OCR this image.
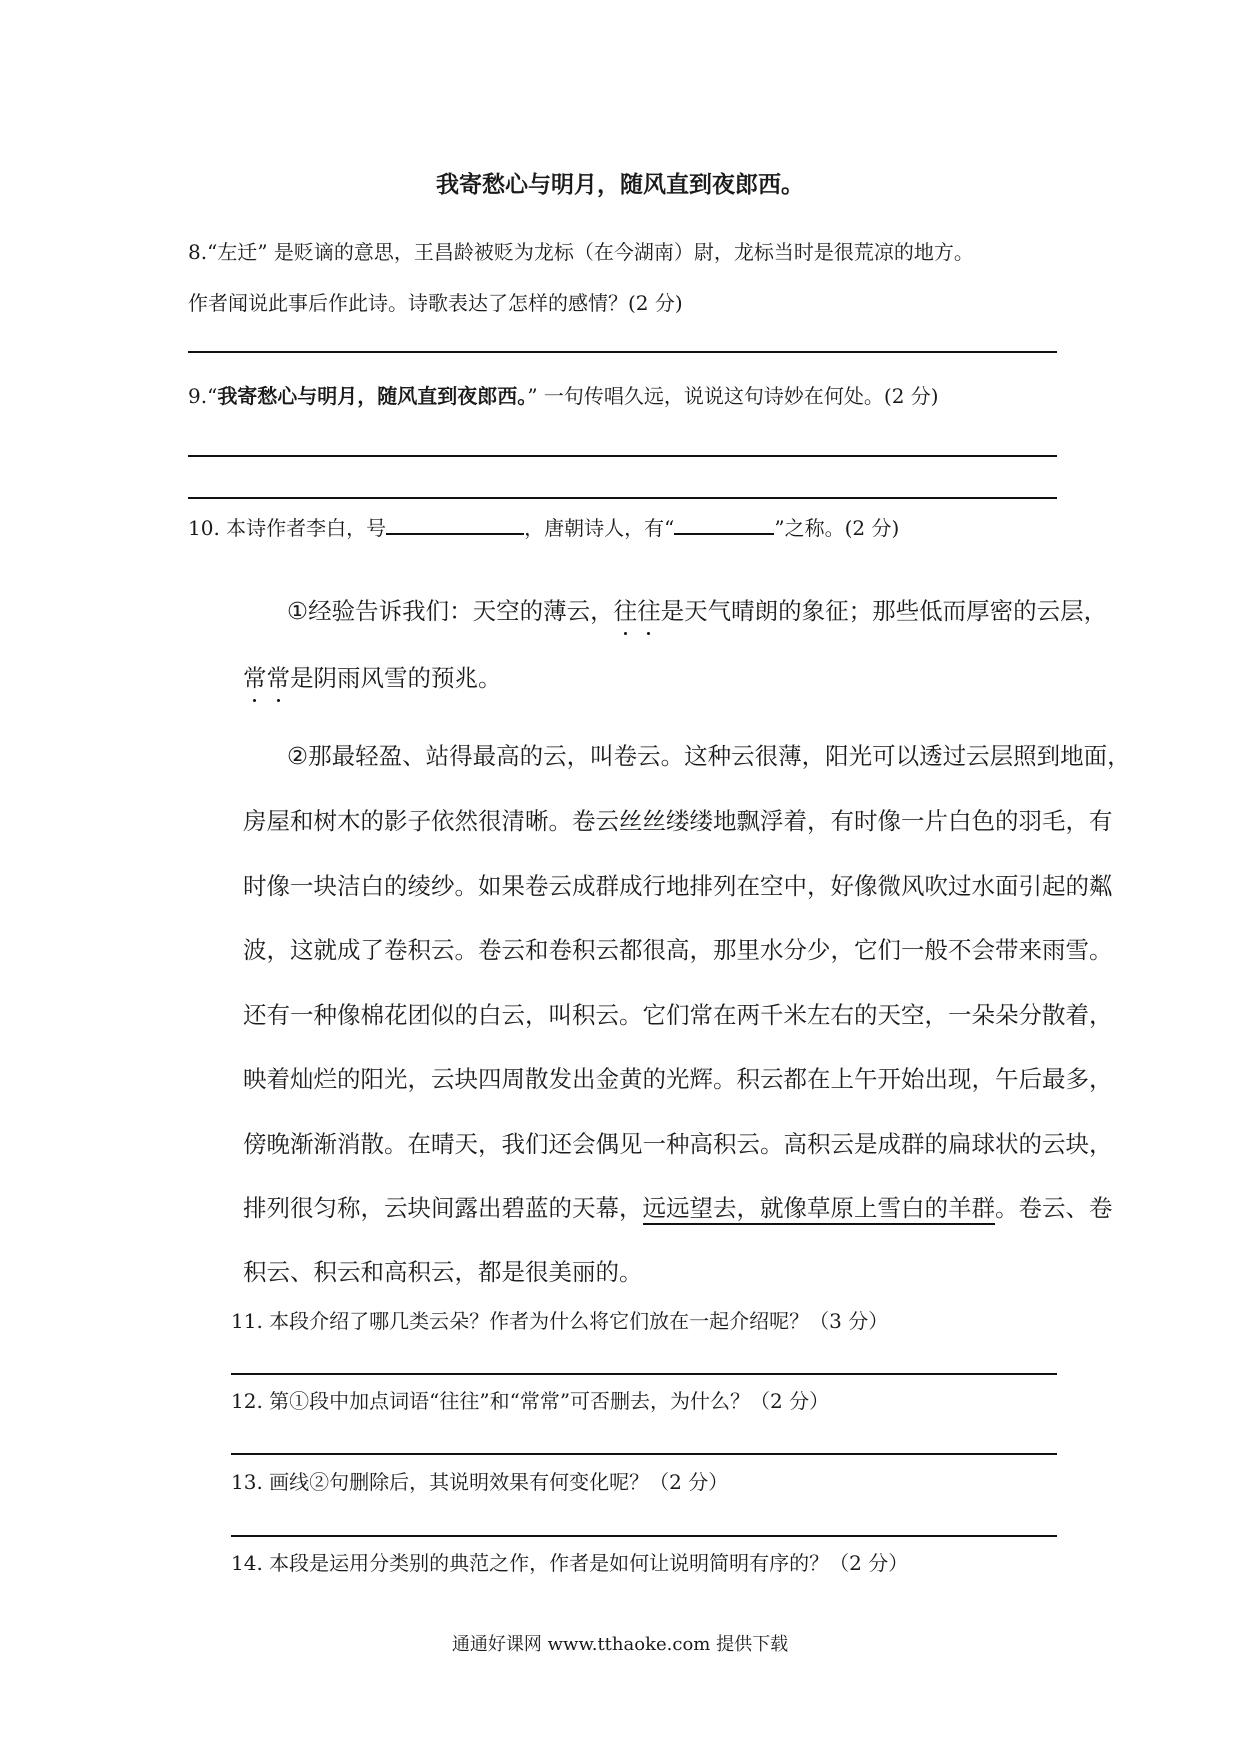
我寄愁心与明月，随风直到夜郎西。
8.“左迁” 是贬谪的意思，王昌龄被贬为龙标（在今湖南）尉，龙标当时是很荒凉的地方。
作者闻说此事后作此诗。诗歌表达了怎样的感情？(2 分)
9.“我寄愁心与明月，随风直到夜郎西。” 一句传唱久远，说说这句诗妙在何处。(2 分)
10. 本诗作者李白，号	，唐朝诗人，有“	”之称。(2 分)
①经验告诉我们：天空的薄云，往往是天气晴朗的象征；那些低而厚密的云层，
常常是阴雨风雪的预兆。
②那最轻盈、站得最高的云，叫卷云。这种云很薄，阳光可以透过云层照到地面，
房屋和树木的影子依然很清晰。卷云丝丝缕缕地飘浮着，有时像一片白色的羽毛，有
时像一块洁白的绫纱。如果卷云成群成行地排列在空中，好像微风吹过水面引起的粼
波，这就成了卷积云。卷云和卷积云都很高，那里水分少，它们一般不会带来雨雪。
还有一种像棉花团似的白云，叫积云。它们常在两千米左右的天空，一朵朵分散着，
映着灿烂的阳光，云块四周散发出金黄的光辉。积云都在上午开始出现，午后最多，
傍晚渐渐消散。在晴天，我们还会偶见一种高积云。高积云是成群的扁球状的云块，
排列很匀称，云块间露出碧蓝的天幕，远远望去，就像草原上雪白的羊群。卷云、卷
积云、积云和高积云，都是很美丽的。
11. 本段介绍了哪几类云朵？作者为什么将它们放在一起介绍呢？（3 分）
12. 第①段中加点词语“往往”和“常常”可否删去，为什么？（2 分）
13. 画线②句删除后，其说明效果有何变化呢？（2 分）
14. 本段是运用分类别的典范之作，作者是如何让说明简明有序的？（2 分）
通通好课网 www.tthaoke.com 提供下载
